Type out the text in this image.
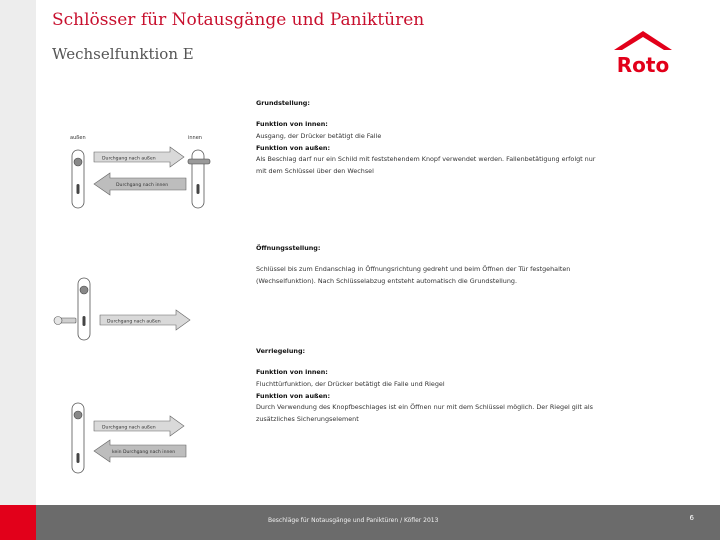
Schlösser für Notausgänge und Paniktüren
Wechselfunktion E	Roto
außen	innen
Durchgang nach außen
Durchgang nach innen
Durchgang nach außen
Durchgang nach außen
kein Durchgang nach innen

Grundstellung:

Funktion von innen:

Ausgang, der Drücker betätigt die Falle

Funktion von außen:

Als Beschlag darf nur ein Schild mit feststehendem Knopf verwendet werden. Fallenbetätigung erfolgt nur

mit dem Schlüssel über den Wechsel

Öffnungsstellung:

Schlüssel bis zum Endanschlag in Öffnungsrichtung gedreht und beim Öffnen der Tür festgehalten

(Wechselfunktion). Nach Schlüsselabzug entsteht automatisch die Grundstellung.

Verriegelung:

Funktion von innen:

Fluchttürfunktion, der Drücker betätigt die Falle und Riegel

Funktion von außen:

Durch Verwendung des Knopfbeschlages ist ein Öffnen nur mit dem Schlüssel möglich. Der Riegel gilt als

zusätzliches Sicherungselement

Beschläge für Notausgänge und Paniktüren / Köfler 2013	6
